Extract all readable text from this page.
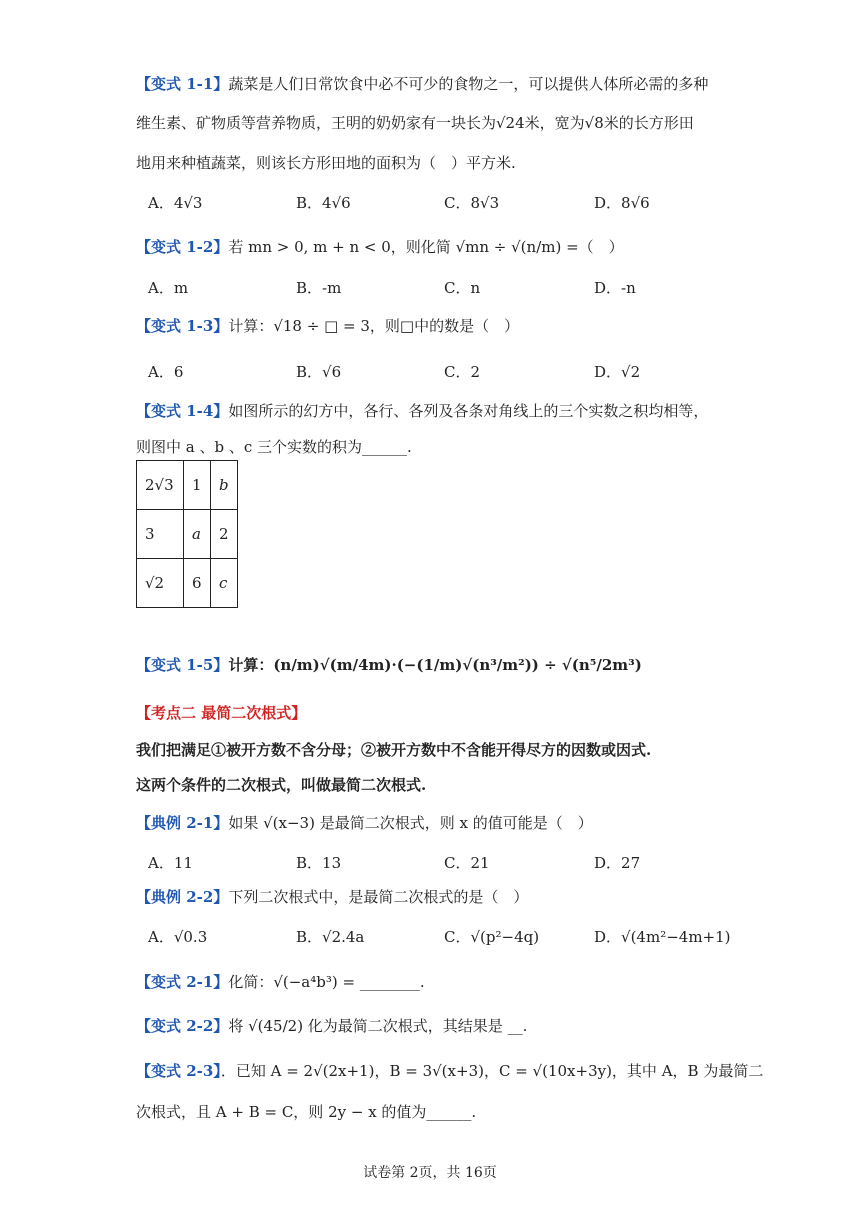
【变式 1-1】蔬菜是人们日常饮食中必不可少的食物之一，可以提供人体所必需的多种
维生素、矿物质等营养物质，王明的奶奶家有一块长为√24米，宽为√8米的长方形田
地用来种植蔬菜，则该长方形田地的面积为（　）平方米.
A．4√3	B．4√6	C．8√3	D．8√6
【变式 1-2】若 mn > 0, m + n < 0，则化简 √mn ÷ √(n/m) =（　）
A．m	B．-m	C．n	D．-n
【变式 1-3】计算：√18 ÷ □ = 3，则□中的数是（　）
A．6	B．√6	C．2	D．√2
【变式 1-4】如图所示的幻方中，各行、各列及各条对角线上的三个实数之积均相等，
则图中 a 、b 、c 三个实数的积为______.
2√3	1	b
3	a	2
√2	6	c
【变式 1-5】计算：(n/m)√(m/4m)·(−(1/m)√(n³/m²)) ÷ √(n⁵/2m³)
【考点二 最简二次根式】
我们把满足①被开方数不含分母；②被开方数中不含能开得尽方的因数或因式.
这两个条件的二次根式，叫做最简二次根式.
【典例 2-1】如果 √(x−3) 是最简二次根式，则 x 的值可能是（　）
A．11	B．13	C．21	D．27
【典例 2-2】下列二次根式中，是最简二次根式的是（　）
A．√0.3	B．√2.4a	C．√(p²−4q)	D．√(4m²−4m+1)
【变式 2-1】化简：√(−a⁴b³) = ________.
【变式 2-2】将 √(45/2) 化为最简二次根式，其结果是 __.
【变式 2-3】．已知 A = 2√(2x+1)，B = 3√(x+3)，C = √(10x+3y)，其中 A，B 为最简二
次根式，且 A + B = C，则 2y − x 的值为______.
试卷第 2页，共 16页
